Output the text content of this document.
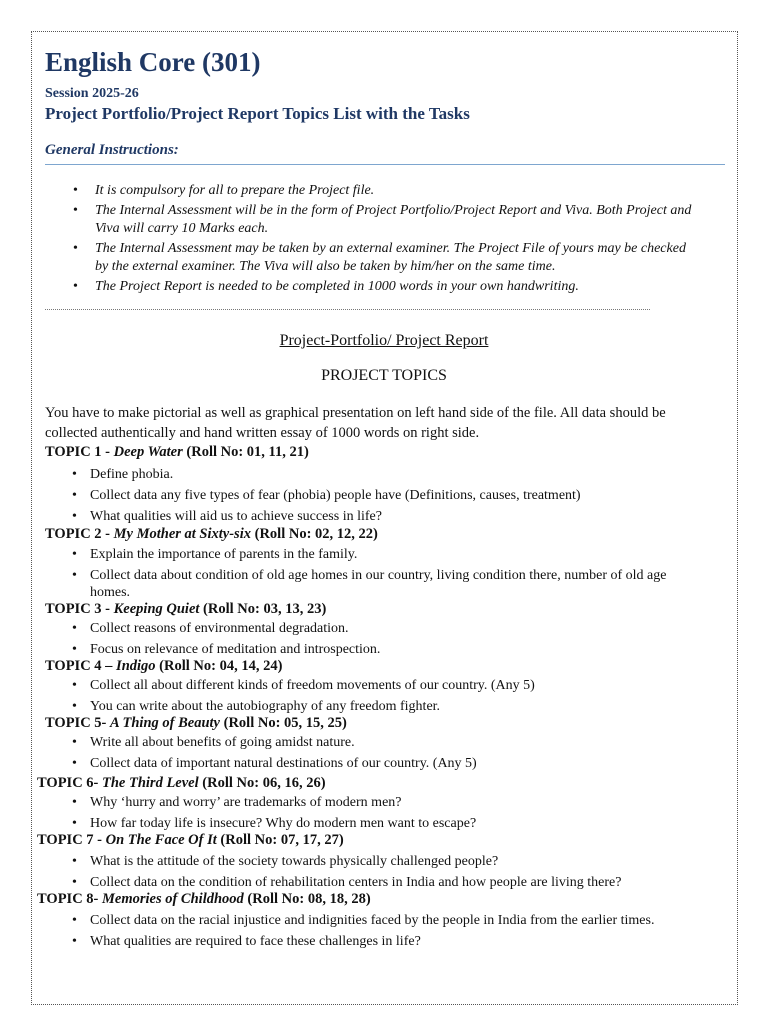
English Core (301)
Session 2025-26
Project Portfolio/Project Report Topics List with the Tasks
General Instructions:
• It is compulsory for all to prepare the Project file.
• The Internal Assessment will be in the form of Project Portfolio/Project Report and Viva. Both Project and Viva will carry 10 Marks each.
• The Internal Assessment may be taken by an external examiner. The Project File of yours may be checked by the external examiner. The Viva will also be taken by him/her on the same time.
• The Project Report is needed to be completed in 1000 words in your own handwriting.
Project-Portfolio/ Project Report
PROJECT TOPICS
You have to make pictorial as well as graphical presentation on left hand side of the file. All data should be collected authentically and hand written essay of 1000 words on right side.
TOPIC 1 - Deep Water (Roll No: 01, 11, 21)
• Define phobia.
• Collect data any five types of fear (phobia) people have (Definitions, causes, treatment)
• What qualities will aid us to achieve success in life?
TOPIC 2 - My Mother at Sixty-six (Roll No: 02, 12, 22)
• Explain the importance of parents in the family.
• Collect data about condition of old age homes in our country, living condition there, number of old age homes.
TOPIC 3 - Keeping Quiet (Roll No: 03, 13, 23)
• Collect reasons of environmental degradation.
• Focus on relevance of meditation and introspection.
TOPIC 4 – Indigo (Roll No: 04, 14, 24)
• Collect all about different kinds of freedom movements of our country. (Any 5)
• You can write about the autobiography of any freedom fighter.
TOPIC 5- A Thing of Beauty (Roll No: 05, 15, 25)
• Write all about benefits of going amidst nature.
• Collect data of important natural destinations of our country. (Any 5)
TOPIC 6- The Third Level (Roll No: 06, 16, 26)
• Why ‘hurry and worry’ are trademarks of modern men?
• How far today life is insecure? Why do modern men want to escape?
TOPIC 7 - On The Face Of It (Roll No: 07, 17, 27)
• What is the attitude of the society towards physically challenged people?
• Collect data on the condition of rehabilitation centers in India and how people are living there?
TOPIC 8- Memories of Childhood (Roll No: 08, 18, 28)
• Collect data on the racial injustice and indignities faced by the people in India from the earlier times.
• What qualities are required to face these challenges in life?
